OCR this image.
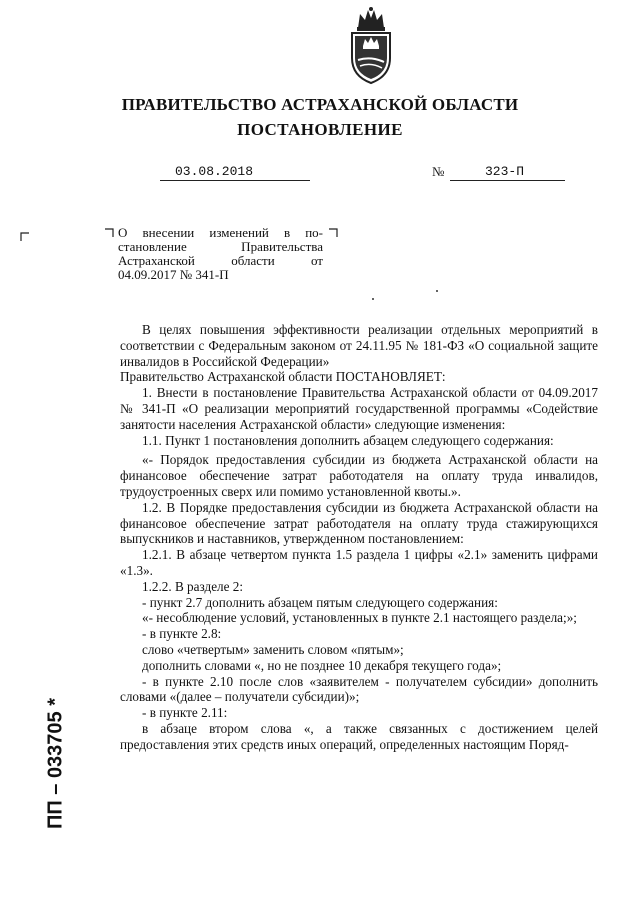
ПРАВИТЕЛЬСТВО АСТРАХАНСКОЙ ОБЛАСТИ
ПОСТАНОВЛЕНИЕ
03.08.2018	№	323-П
О внесении изменений в по-
становление Правительства
Астраханской области от
04.09.2017 № 341-П

В целях повышения эффективности реализации отдельных мероприятий в соответствии с Федеральным законом от 24.11.95 № 181-ФЗ «О социальной защите инвалидов в Российской Федерации»

Правительство Астраханской области ПОСТАНОВЛЯЕТ:

1. Внести в постановление Правительства Астраханской области от 04.09.2017 № 341-П «О реализации мероприятий государственной программы «Содействие занятости населения Астраханской области» следующие изменения:

1.1. Пункт 1 постановления дополнить абзацем следующего содержания:

«- Порядок предоставления субсидии из бюджета Астраханской области на финансовое обеспечение затрат работодателя на оплату труда инвалидов, трудоустроенных сверх или помимо установленной квоты.».

1.2. В Порядке предоставления субсидии из бюджета Астраханской области на финансовое обеспечение затрат работодателя на оплату труда стажирующихся выпускников и наставников, утвержденном постановлением:

1.2.1. В абзаце четвертом пункта 1.5 раздела 1 цифры «2.1» заменить цифрами «1.3».

1.2.2. В разделе 2:

- пункт 2.7 дополнить абзацем пятым следующего содержания:

«- несоблюдение условий, установленных в пункте 2.1 настоящего раздела;»;

- в пункте 2.8:

слово «четвертым» заменить словом «пятым»;

дополнить словами «, но не позднее 10 декабря текущего года»;

- в пункте 2.10 после слов «заявителем - получателем субсидии» дополнить словами «(далее – получатели субсидии)»;

- в пункте 2.11:

в абзаце втором слова «, а также связанных с достижением целей предоставления этих средств иных операций, определенных настоящим Поряд-

ПП – 033705 *
